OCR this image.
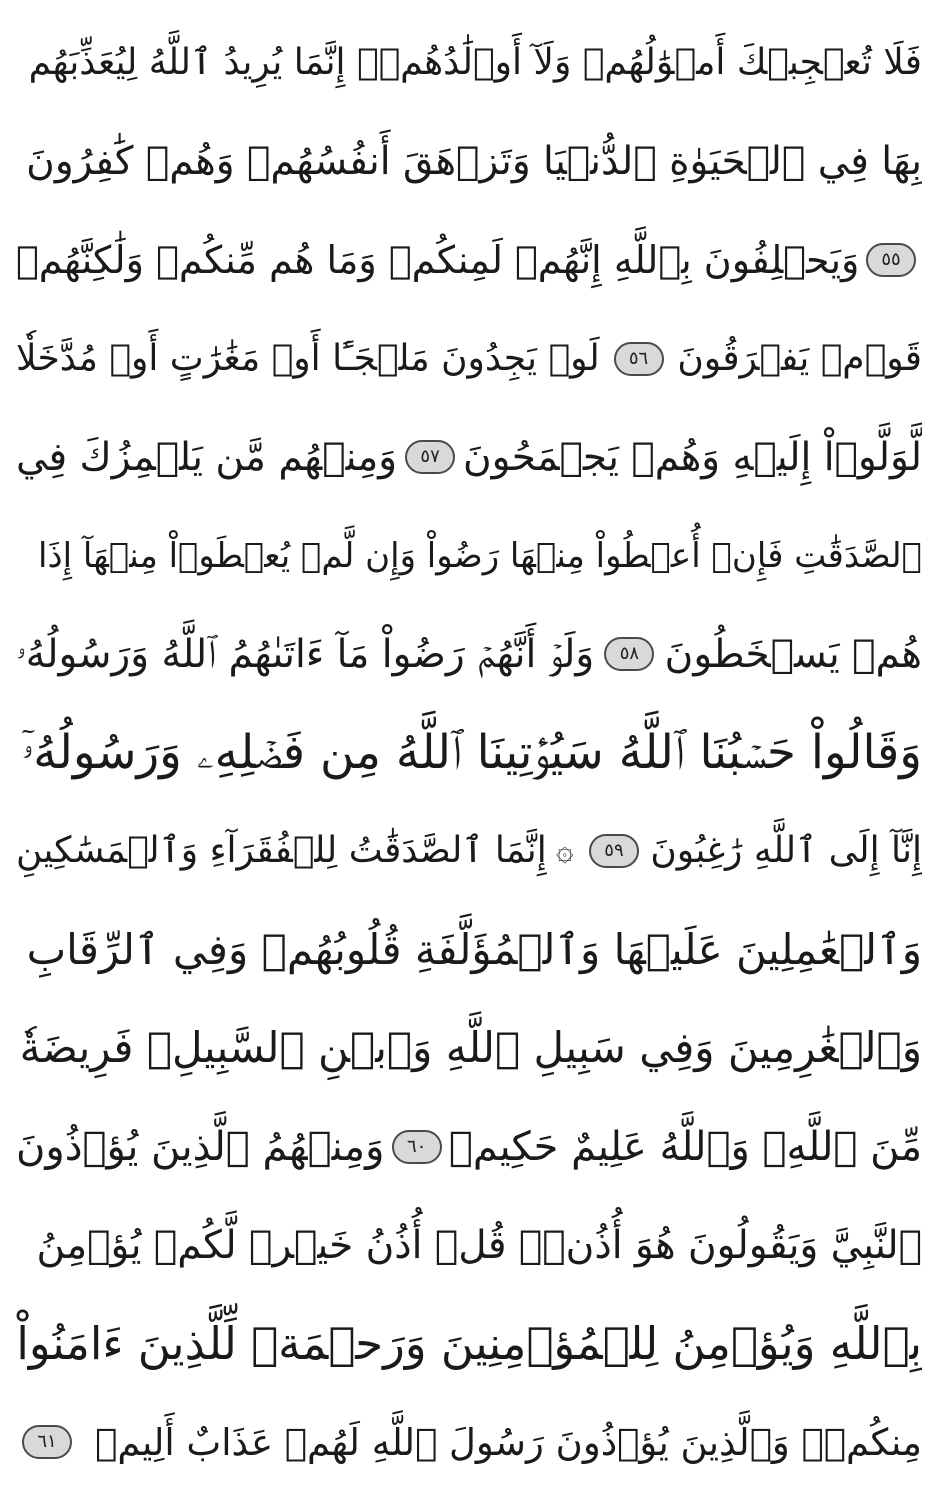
فَلَا تُعۡجِبۡكَ أَمۡوَٰلُهُمۡ وَلَآ أَوۡلَٰدُهُمۡۚ إِنَّمَا يُرِيدُ ٱللَّهُ لِيُعَذِّبَهُم
بِهَا فِي ٱلۡحَيَوٰةِ ٱلدُّنۡيَا وَتَزۡهَقَ أَنفُسُهُمۡ وَهُمۡ كَٰفِرُونَ
٥٥
وَيَحۡلِفُونَ بِٱللَّهِ إِنَّهُمۡ لَمِنكُمۡ وَمَا هُم مِّنكُمۡ وَلَٰكِنَّهُمۡ
قَوۡمٞ يَفۡرَقُونَ
٥٦
لَوۡ يَجِدُونَ مَلۡجَـًٔا أَوۡ مَغَٰرَٰتٍ أَوۡ مُدَّخَلٗا
لَّوَلَّوۡاْ إِلَيۡهِ وَهُمۡ يَجۡمَحُونَ
٥٧
وَمِنۡهُم مَّن يَلۡمِزُكَ فِي
ٱلصَّدَقَٰتِ فَإِنۡ أُعۡطُواْ مِنۡهَا رَضُواْ وَإِن لَّمۡ يُعۡطَوۡاْ مِنۡهَآ إِذَا
هُمۡ يَسۡخَطُونَ
٥٨
وَلَوۡ أَنَّهُمۡ رَضُواْ مَآ ءَاتَىٰهُمُ ٱللَّهُ وَرَسُولُهُۥ
وَقَالُواْ حَسۡبُنَا ٱللَّهُ سَيُؤۡتِينَا ٱللَّهُ مِن فَضۡلِهِۦ وَرَسُولُهُۥٓ
إِنَّآ إِلَى ٱللَّهِ رَٰغِبُونَ
٥٩
۞
إِنَّمَا ٱلصَّدَقَٰتُ لِلۡفُقَرَآءِ وَٱلۡمَسَٰكِينِ
وَٱلۡعَٰمِلِينَ عَلَيۡهَا وَٱلۡمُؤَلَّفَةِ قُلُوبُهُمۡ وَفِي ٱلرِّقَابِ
وَٱلۡغَٰرِمِينَ وَفِي سَبِيلِ ٱللَّهِ وَٱبۡنِ ٱلسَّبِيلِۖ فَرِيضَةٗ
مِّنَ ٱللَّهِۗ وَٱللَّهُ عَلِيمٌ حَكِيمٞ
٦٠
وَمِنۡهُمُ ٱلَّذِينَ يُؤۡذُونَ
ٱلنَّبِيَّ وَيَقُولُونَ هُوَ أُذُنٞۚ قُلۡ أُذُنُ خَيۡرٖ لَّكُمۡ يُؤۡمِنُ
بِٱللَّهِ وَيُؤۡمِنُ لِلۡمُؤۡمِنِينَ وَرَحۡمَةٞ لِّلَّذِينَ ءَامَنُواْ
مِنكُمۡۚ وَٱلَّذِينَ يُؤۡذُونَ رَسُولَ ٱللَّهِ لَهُمۡ عَذَابٌ أَلِيمٞ
٦١
